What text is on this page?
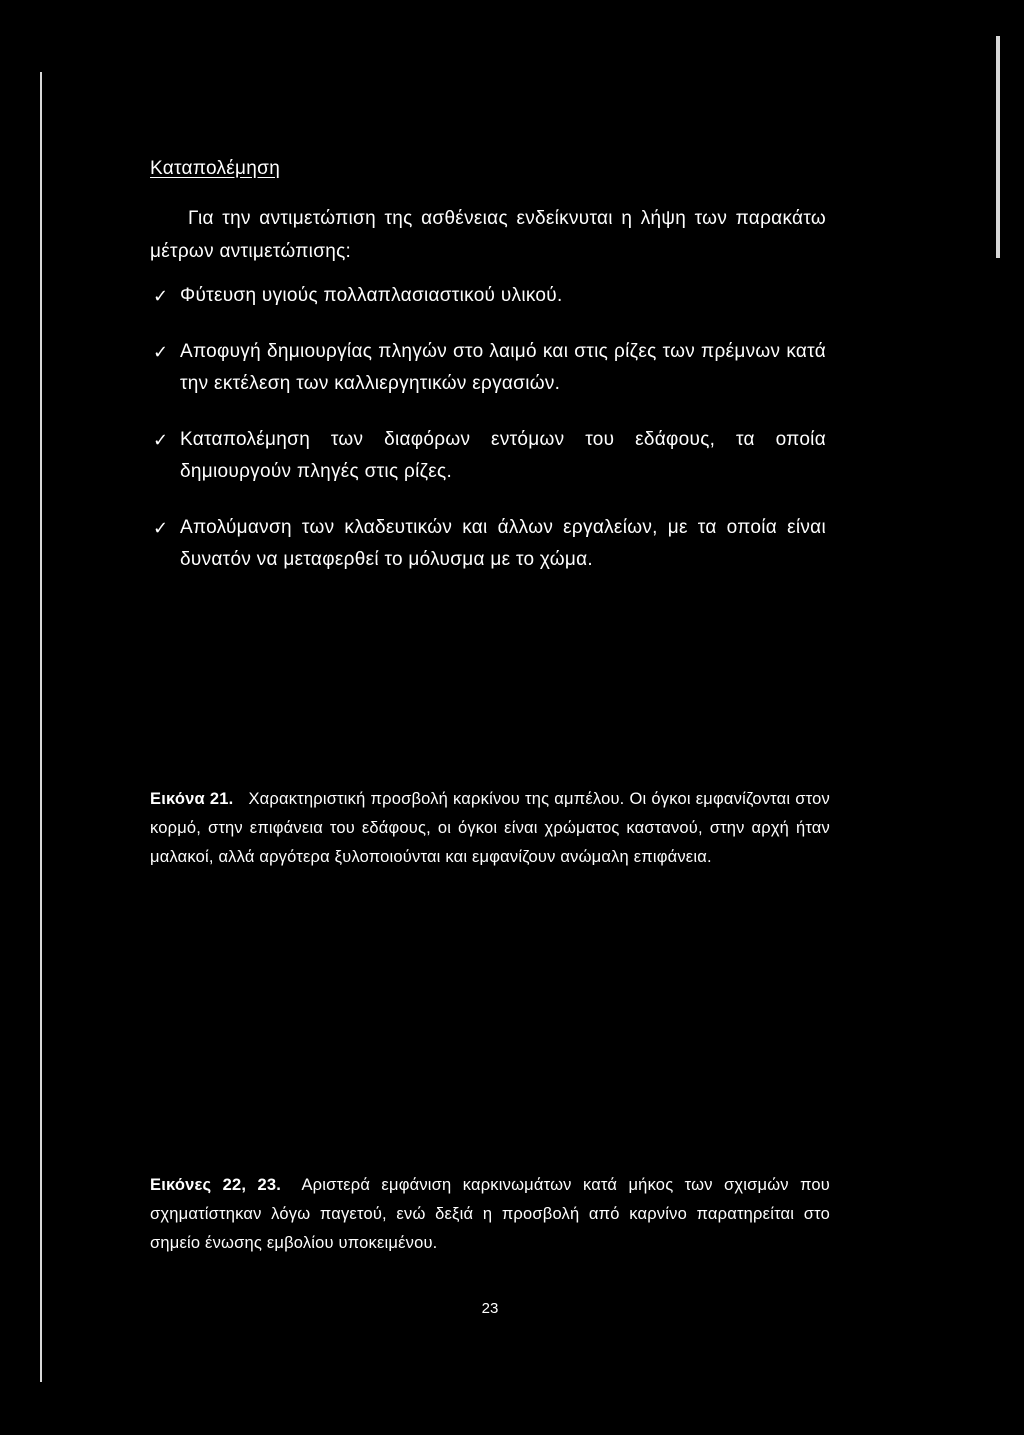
Καταπολέμηση
Για την αντιμετώπιση της ασθένειας ενδείκνυται η λήψη των παρακάτω μέτρων αντιμετώπισης:
✓ Φύτευση υγιούς πολλαπλασιαστικού υλικού.
✓ Αποφυγή δημιουργίας πληγών στο λαιμό και στις ρίζες των πρέμνων κατά την εκτέλεση των καλλιεργητικών εργασιών.
✓ Καταπολέμηση των διαφόρων εντόμων του εδάφους, τα οποία δημιουργούν πληγές στις ρίζες.
✓ Απολύμανση των κλαδευτικών και άλλων εργαλείων, με τα οποία είναι δυνατόν να μεταφερθεί το μόλυσμα με το χώμα.
Εικόνα 21. Χαρακτηριστική προσβολή καρκίνου της αμπέλου. Οι όγκοι εμφανίζονται στον κορμό, στην επιφάνεια του εδάφους, οι όγκοι είναι χρώματος καστανού, στην αρχή ήταν μαλακοί, αλλά αργότερα ξυλοποιούνται και εμφανίζουν ανώμαλη επιφάνεια.
Εικόνες 22, 23. Αριστερά εμφάνιση καρκινωμάτων κατά μήκος των σχισμών που σχηματίστηκαν λόγω παγετού, ενώ δεξιά η προσβολή από καρνίνο παρατηρείται στο σημείο ένωσης εμβολίου υποκειμένου.
23
